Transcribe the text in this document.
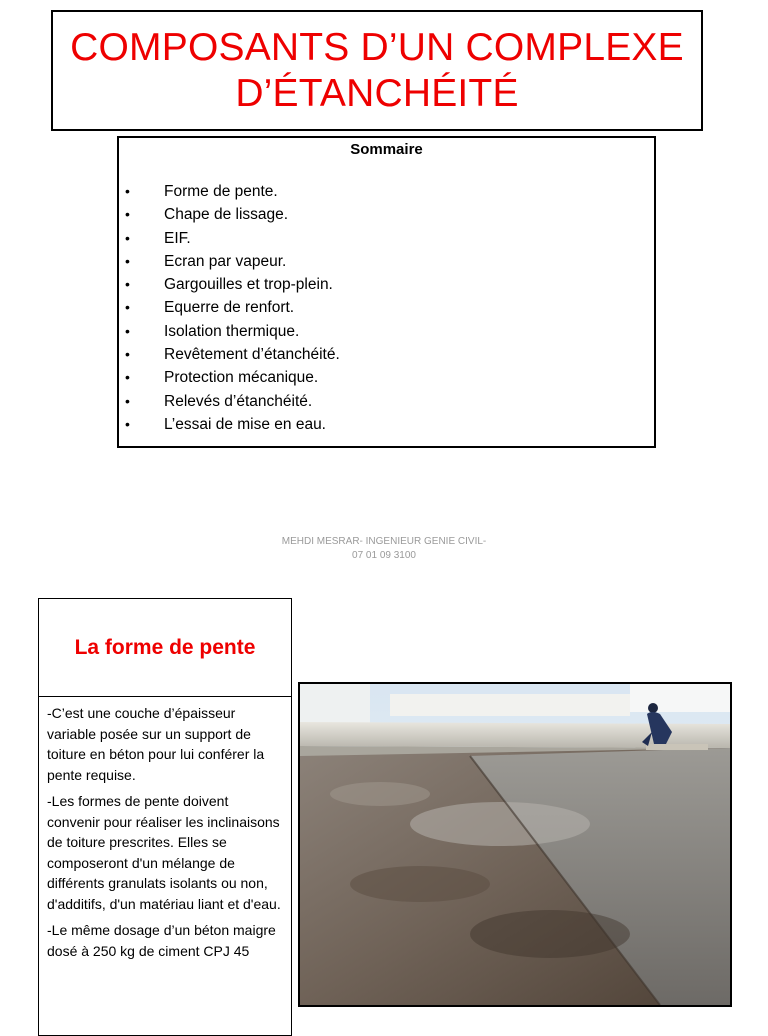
COMPOSANTS D’UN COMPLEXE
D’ÉTANCHÉITÉ
Sommaire
• Forme de pente.
• Chape de lissage.
• EIF.
• Ecran par vapeur.
• Gargouilles et trop-plein.
• Equerre de renfort.
• Isolation thermique.
• Revêtement d’étanchéité.
• Protection mécanique.
• Relevés d’étanchéité.
• L’essai de mise en eau.
MEHDI MESRAR- INGENIEUR GENIE CIVIL-
07 01 09 3100
La forme de pente

-C’est une couche d’épaisseur variable posée sur un support de toiture en béton pour lui conférer la pente requise.

-Les formes de pente doivent convenir pour réaliser les inclinaisons de toiture prescrites. Elles se composeront d'un mélange de différents granulats isolants ou non, d'additifs, d'un matériau liant et d'eau.

-Le même dosage d’un béton maigre dosé à 250 kg de ciment CPJ 45
